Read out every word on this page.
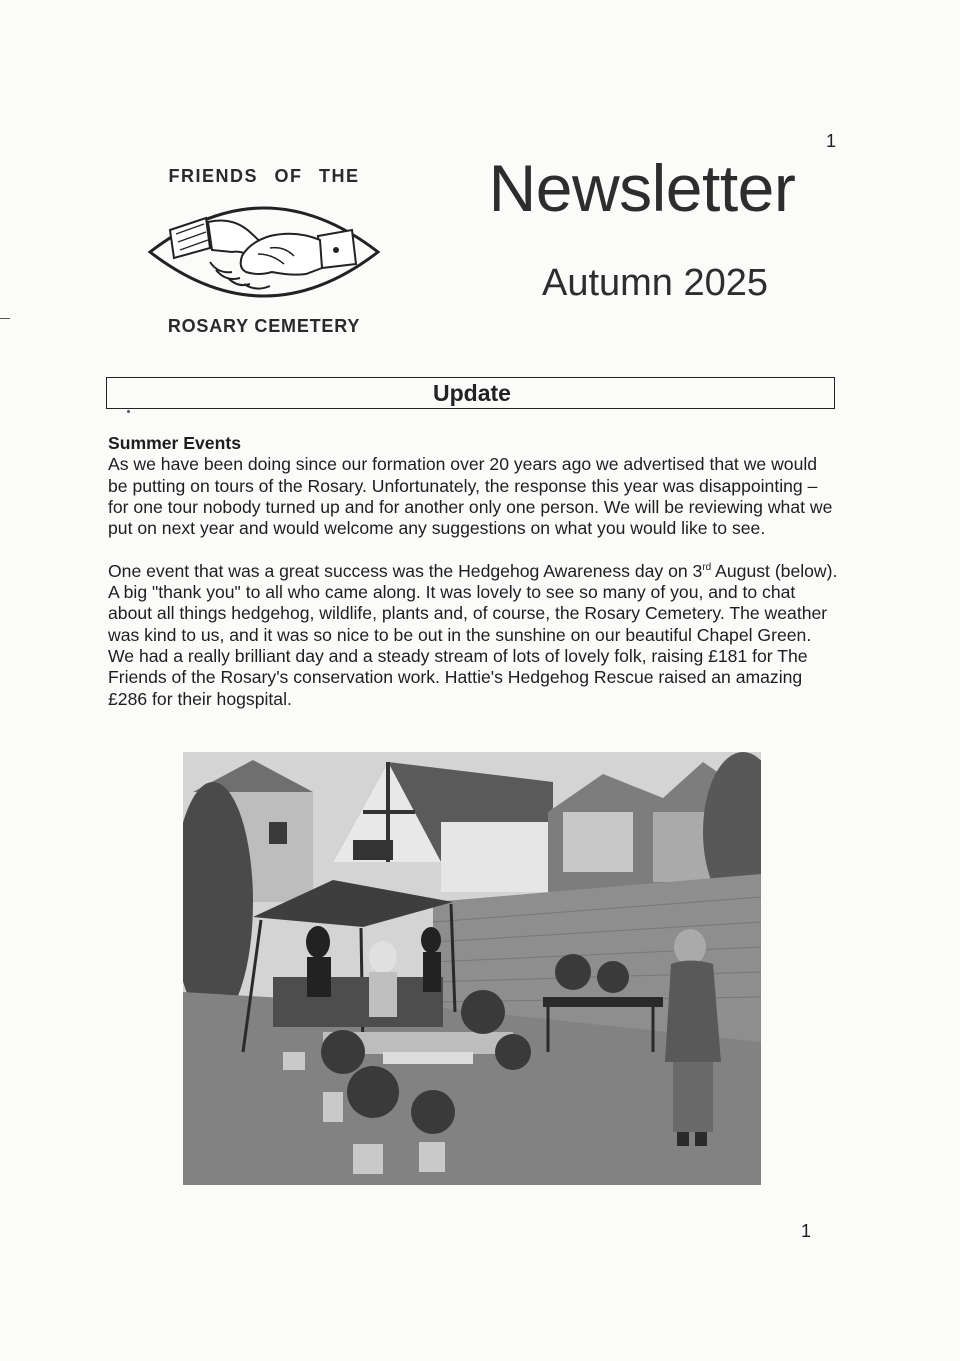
1
1
FRIENDS OF THE
ROSARY CEMETERY
Newsletter
Autumn 2025
Update
Summer Events

As we have been doing since our formation over 20 years ago we advertised that we would be putting on tours of the Rosary. Unfortunately, the response this year was disappointing – for one tour nobody turned up and for another only one person. We will be reviewing what we put on next year and would welcome any suggestions on what you would like to see.

One event that was a great success was the Hedgehog Awareness day on 3rd August (below). A big "thank you" to all who came along. It was lovely to see so many of you, and to chat about all things hedgehog, wildlife, plants and, of course, the Rosary Cemetery. The weather was kind to us, and it was so nice to be out in the sunshine on our beautiful Chapel Green. We had a really brilliant day and a steady stream of lots of lovely folk, raising £181 for The Friends of the Rosary's conservation work. Hattie's Hedgehog Rescue raised an amazing £286 for their hogspital.
